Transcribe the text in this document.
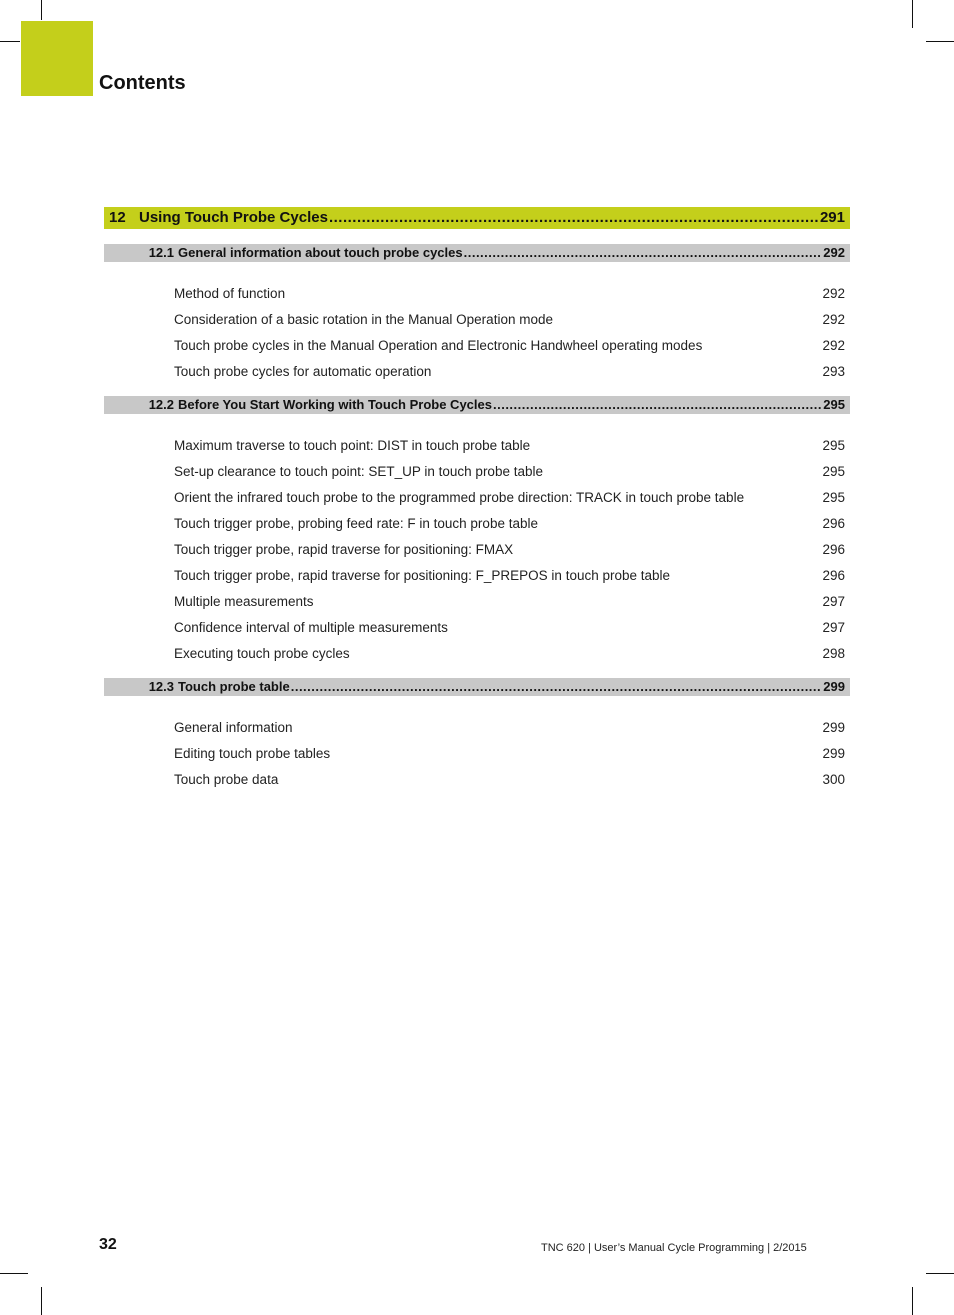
Contents
12 Using Touch Probe Cycles .....	291
12.1 General information about touch probe cycles .....	292
Method of function .....	292
Consideration of a basic rotation in the Manual Operation mode .....	292
Touch probe cycles in the Manual Operation and Electronic Handwheel operating modes .....	292
Touch probe cycles for automatic operation .....	293
12.2 Before You Start Working with Touch Probe Cycles .....	295
Maximum traverse to touch point: DIST in touch probe table .....	295
Set-up clearance to touch point: SET_UP in touch probe table .....	295
Orient the infrared touch probe to the programmed probe direction: TRACK in touch probe table .....	295
Touch trigger probe, probing feed rate: F in touch probe table .....	296
Touch trigger probe, rapid traverse for positioning: FMAX .....	296
Touch trigger probe, rapid traverse for positioning: F_PREPOS in touch probe table .....	296
Multiple measurements .....	297
Confidence interval of multiple measurements .....	297
Executing touch probe cycles .....	298
12.3 Touch probe table .....	299
General information .....	299
Editing touch probe tables .....	299
Touch probe data .....	300
32	TNC 620 | User’s Manual Cycle Programming | 2/2015
